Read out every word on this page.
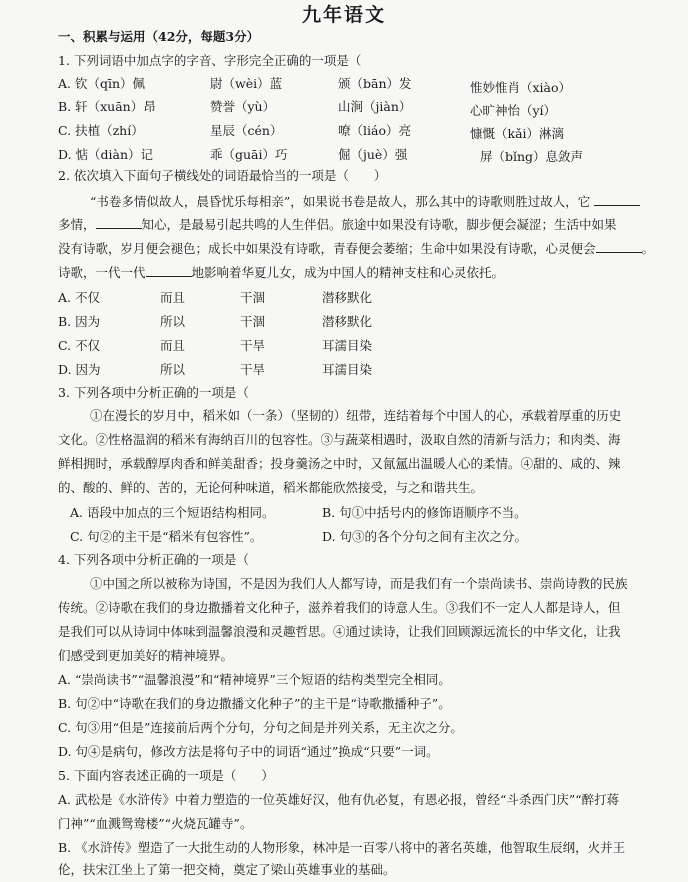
九年语文
一、积累与运用（42分，每题3分）
1. 下列词语中加点字的字音、字形完全正确的一项是（
A. 钦（qīn）佩	尉（wèi）蓝	颁（bān）发	惟妙惟肖（xiào）
B. 轩（xuān）昂	赞誉（yù）	山涧（jiàn）	心旷神怡（yí）
C. 扶植（zhí）	星辰（cén）	嘹（liáo）亮	慷慨（kǎi）淋漓
D. 惦（diàn）记	乖（guāi）巧	倔（juè）强	屏（bǐng）息敛声
2. 依次填入下面句子横线处的词语最恰当的一项是（　　）
“书卷多情似故人，晨昏忧乐每相亲”，如果说书卷是故人，那么其中的诗歌则胜过故人，它
多情，	知心，是最易引起共鸣的人生伴侣。旅途中如果没有诗歌，脚步便会凝涩；生活中如果
没有诗歌，岁月便会褪色；成长中如果没有诗歌，青春便会萎缩；生命中如果没有诗歌，心灵便会	。
诗歌，一代一代	地影响着华夏儿女，成为中国人的精神支柱和心灵依托。
A. 不仅	而且	干涸	潜移默化
B. 因为	所以	干涸	潜移默化
C. 不仅	而且	干旱	耳濡目染
D. 因为	所以	干旱	耳濡目染
3. 下列各项中分析正确的一项是（
①在漫长的岁月中，稻米如（一条）（坚韧的）纽带，连结着每个中国人的心，承载着厚重的历史
文化。②性格温润的稻米有海纳百川的包容性。③与蔬菜相遇时，汲取自然的清新与活力；和肉类、海
鲜相拥时，承载醇厚肉香和鲜美甜香；投身羹汤之中时，又氤氲出温暖人心的柔情。④甜的、咸的、辣
的、酸的、鲜的、苦的，无论何种味道，稻米都能欣然接受，与之和谐共生。
A. 语段中加点的三个短语结构相同。	B. 句①中括号内的修饰语顺序不当。
C. 句②的主干是“稻米有包容性”。	D. 句③的各个分句之间有主次之分。
4. 下列各项中分析正确的一项是（
①中国之所以被称为诗国，不是因为我们人人都写诗，而是我们有一个崇尚读书、崇尚诗教的民族
传统。②诗歌在我们的身边撒播着文化种子，滋养着我们的诗意人生。③我们不一定人人都是诗人，但
是我们可以从诗词中体味到温馨浪漫和灵趣哲思。④通过读诗，让我们回顾源远流长的中华文化，让我
们感受到更加美好的精神境界。
A. “崇尚读书”“温馨浪漫”和“精神境界”三个短语的结构类型完全相同。
B. 句②中“诗歌在我们的身边撒播文化种子”的主干是“诗歌撒播种子”。
C. 句③用“但是”连接前后两个分句，分句之间是并列关系，无主次之分。
D. 句④是病句，修改方法是将句子中的词语“通过”换成“只要”一词。
5. 下面内容表述正确的一项是（　　）
A. 武松是《水浒传》中着力塑造的一位英雄好汉，他有仇必复，有恩必报，曾经“斗杀西门庆”“醉打蒋
门神”“血溅鸳鸯楼”“火烧瓦罐寺”。
B. 《水浒传》塑造了一大批生动的人物形象，林冲是一百零八将中的著名英雄，他智取生辰纲，火并王
伦，扶宋江坐上了第一把交椅，奠定了梁山英雄事业的基础。
